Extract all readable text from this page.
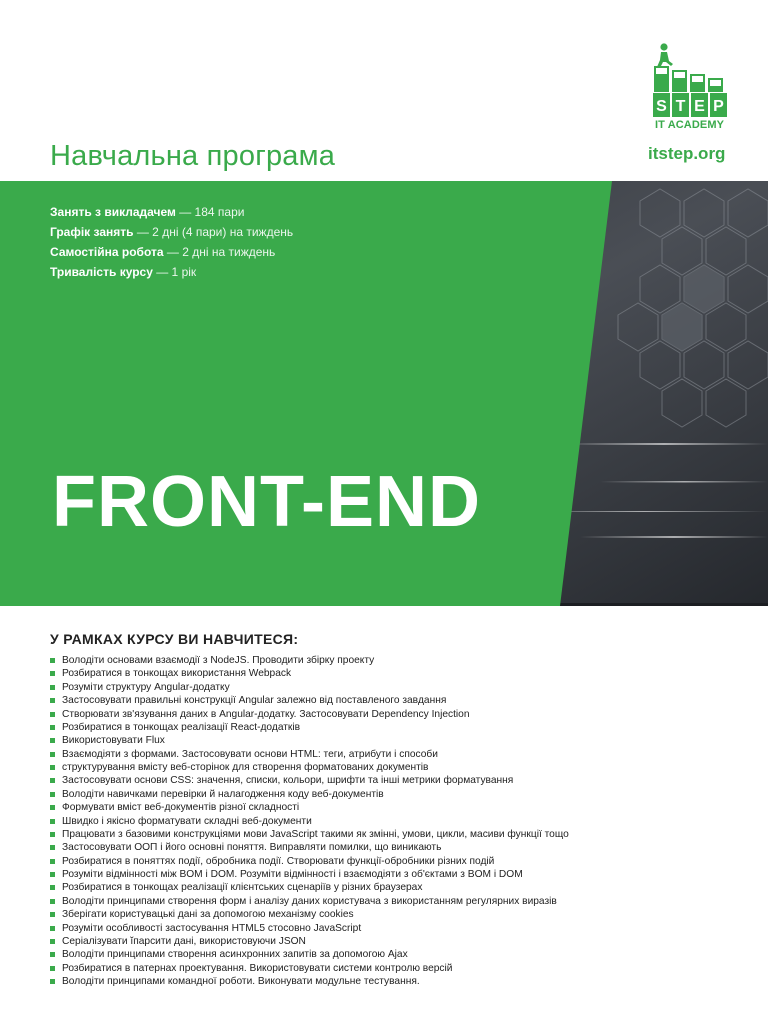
Навчальна програма
S T E P
IT ACADEMY
itstep.org
Занять з викладачем — 184 пари
Графік занять — 2 дні (4 пари) на тиждень
Самостійна робота — 2 дні на тиждень
Тривалість курсу — 1 рік
FRONT-END
У РАМКАХ КУРСУ ВИ НАВЧИТЕСЯ:
Володіти основами взаємодії з NodeJS. Проводити збірку проекту
Розбиратися в тонкощах використання Webpack
Розуміти структуру Angular-додатку
Застосовувати правильні конструкції Angular залежно від поставленого завдання
Створювати зв'язування даних в Angular-додатку. Застосовувати Dependency Injection
Розбиратися в тонкощах реалізації React-додатків
Використовувати Flux
Взаємодіяти з формами. Застосовувати основи HTML: теги, атрибути і способи
структурування вмісту веб-сторінок для створення форматованих документів
Застосовувати основи CSS: значення, списки, кольори, шрифти та інші метрики форматування
Володіти навичками перевірки й налагодження коду веб-документів
Формувати вміст веб-документів різної складності
Швидко і якісно форматувати складні веб-документи
Працювати з базовими конструкціями мови JavaScript такими як змінні, умови, цикли, масиви функції тощо
Застосовувати ООП і його основні поняття. Виправляти помилки, що виникають
Розбиратися в поняттях події, обробника події. Створювати функції-обробники різних подій
Розуміти відмінності між BOM і DOM. Розуміти відмінності і взаємодіяти з об'єктами з BOM і DOM
Розбиратися в тонкощах реалізації клієнтських сценаріїв у різних браузерах
Володіти принципами створення форм і аналізу даних користувача з використанням регулярних виразів
Зберігати користувацькі дані за допомогою механізму cookies
Розуміти особливості застосування HTML5 стосовно JavaScript
Серіалізувати ĭпарсити дані, використовуючи JSON
Володіти принципами створення асинхронних запитів за допомогою Ajax
Розбиратися в патернах проектування. Використовувати системи контролю версій
Володіти принципами командної роботи. Виконувати модульне тестування.
